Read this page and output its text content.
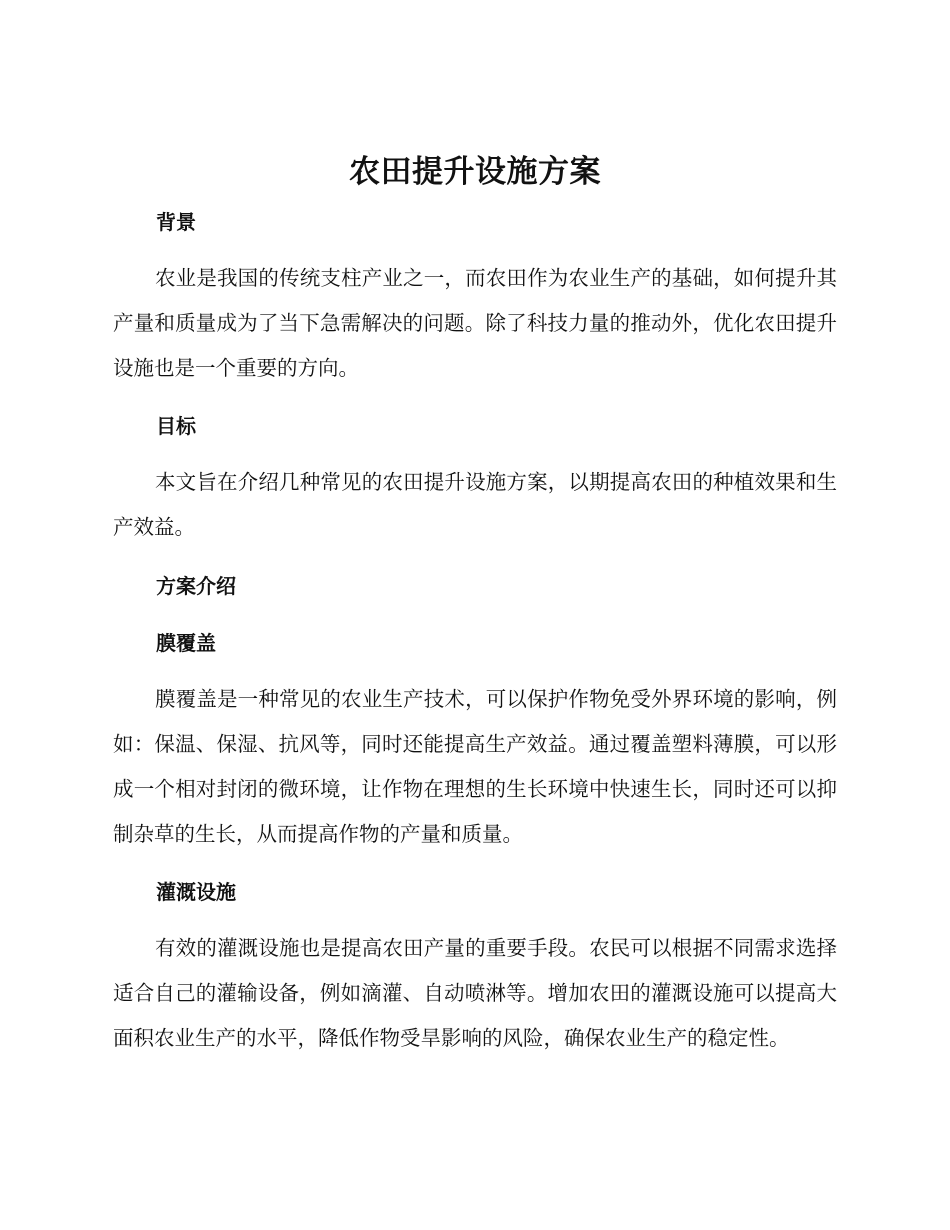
农田提升设施方案
背景

农业是我国的传统支柱产业之一，而农田作为农业生产的基础，如何提升其产量和质量成为了当下急需解决的问题。除了科技力量的推动外，优化农田提升设施也是一个重要的方向。

目标

本文旨在介绍几种常见的农田提升设施方案，以期提高农田的种植效果和生产效益。

方案介绍
膜覆盖

膜覆盖是一种常见的农业生产技术，可以保护作物免受外界环境的影响，例如：保温、保湿、抗风等，同时还能提高生产效益。通过覆盖塑料薄膜，可以形成一个相对封闭的微环境，让作物在理想的生长环境中快速生长，同时还可以抑制杂草的生长，从而提高作物的产量和质量。

灌溉设施

有效的灌溉设施也是提高农田产量的重要手段。农民可以根据不同需求选择适合自己的灌输设备，例如滴灌、自动喷淋等。增加农田的灌溉设施可以提高大面积农业生产的水平，降低作物受旱影响的风险，确保农业生产的稳定性。
